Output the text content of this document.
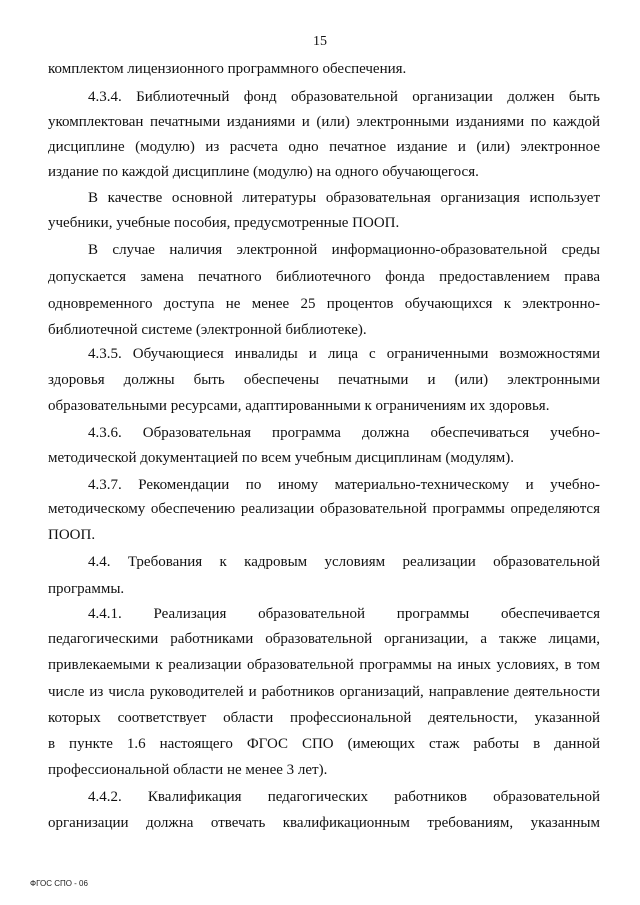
15
комплектом лицензионного программного обеспечения.
4.3.4. Библиотечный фонд образовательной организации должен быть
укомплектован печатными изданиями и (или) электронными изданиями по каждой
дисциплине (модулю) из расчета одно печатное издание и (или) электронное
издание по каждой дисциплине (модулю) на одного обучающегося.
В качестве основной литературы образовательная организация использует
учебники, учебные пособия, предусмотренные ПООП.
В случае наличия электронной информационно-образовательной среды
допускается замена печатного библиотечного фонда предоставлением права
одновременного доступа не менее 25 процентов обучающихся к электронно-
библиотечной системе (электронной библиотеке).
4.3.5. Обучающиеся инвалиды и лица с ограниченными возможностями
здоровья должны быть обеспечены печатными и (или) электронными
образовательными ресурсами, адаптированными к ограничениям их здоровья.
4.3.6. Образовательная программа должна обеспечиваться учебно-
методической документацией по всем учебным дисциплинам (модулям).
4.3.7. Рекомендации по иному материально-техническому и учебно-
методическому обеспечению реализации образовательной программы определяются
ПООП.
4.4. Требования к кадровым условиям реализации образовательной
программы.
4.4.1. Реализация образовательной программы обеспечивается
педагогическими работниками образовательной организации, а также лицами,
привлекаемыми к реализации образовательной программы на иных условиях, в том
числе из числа руководителей и работников организаций, направление деятельности
которых соответствует области профессиональной деятельности, указанной
в пункте 1.6 настоящего ФГОС СПО (имеющих стаж работы в данной
профессиональной области не менее 3 лет).
4.4.2. Квалификация педагогических работников образовательной
организации должна отвечать квалификационным требованиям, указанным
ФГОС СПО - 06
